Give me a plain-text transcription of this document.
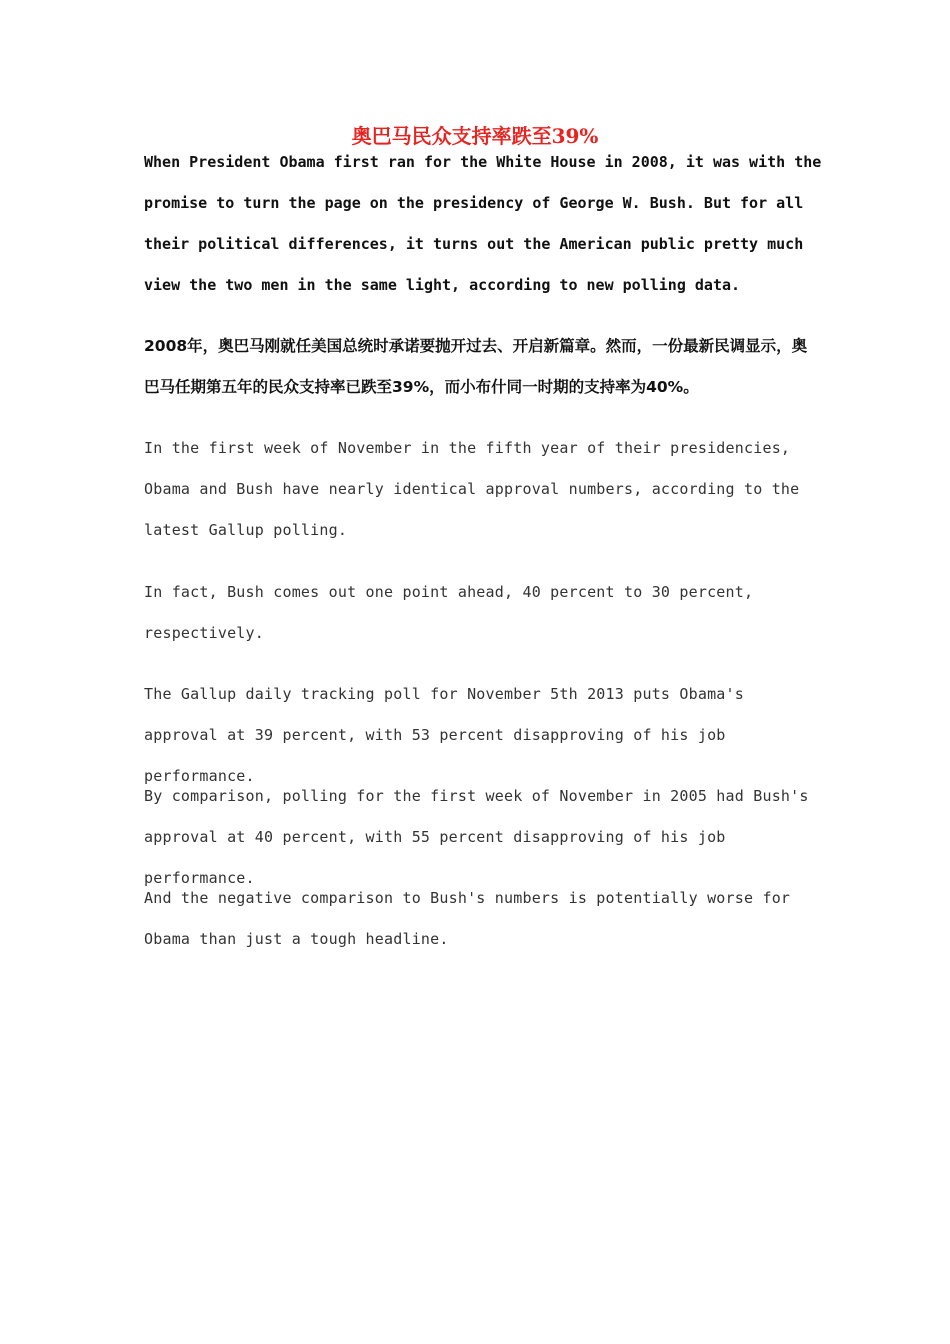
奥巴马民众支持率跌至39%

When President Obama first ran for the White House in 2008, it was with the promise to turn the page on the presidency of George W. Bush. But for all their political differences, it turns out the American public pretty much view the two men in the same light, according to new polling data.

2008年，奥巴马刚就任美国总统时承诺要抛开过去、开启新篇章。然而，一份最新民调显示，奥巴马任期第五年的民众支持率已跌至39%，而小布什同一时期的支持率为40%。

In the first week of November in the fifth year of their presidencies, Obama and Bush have nearly identical approval numbers, according to the latest Gallup polling.

In fact, Bush comes out one point ahead, 40 percent to 30 percent, respectively.

The Gallup daily tracking poll for November 5th 2013 puts Obama's approval at 39 percent, with 53 percent disapproving of his job performance.

By comparison, polling for the first week of November in 2005 had Bush's approval at 40 percent, with 55 percent disapproving of his job performance.

And the negative comparison to Bush's numbers is potentially worse for Obama than just a tough headline.
